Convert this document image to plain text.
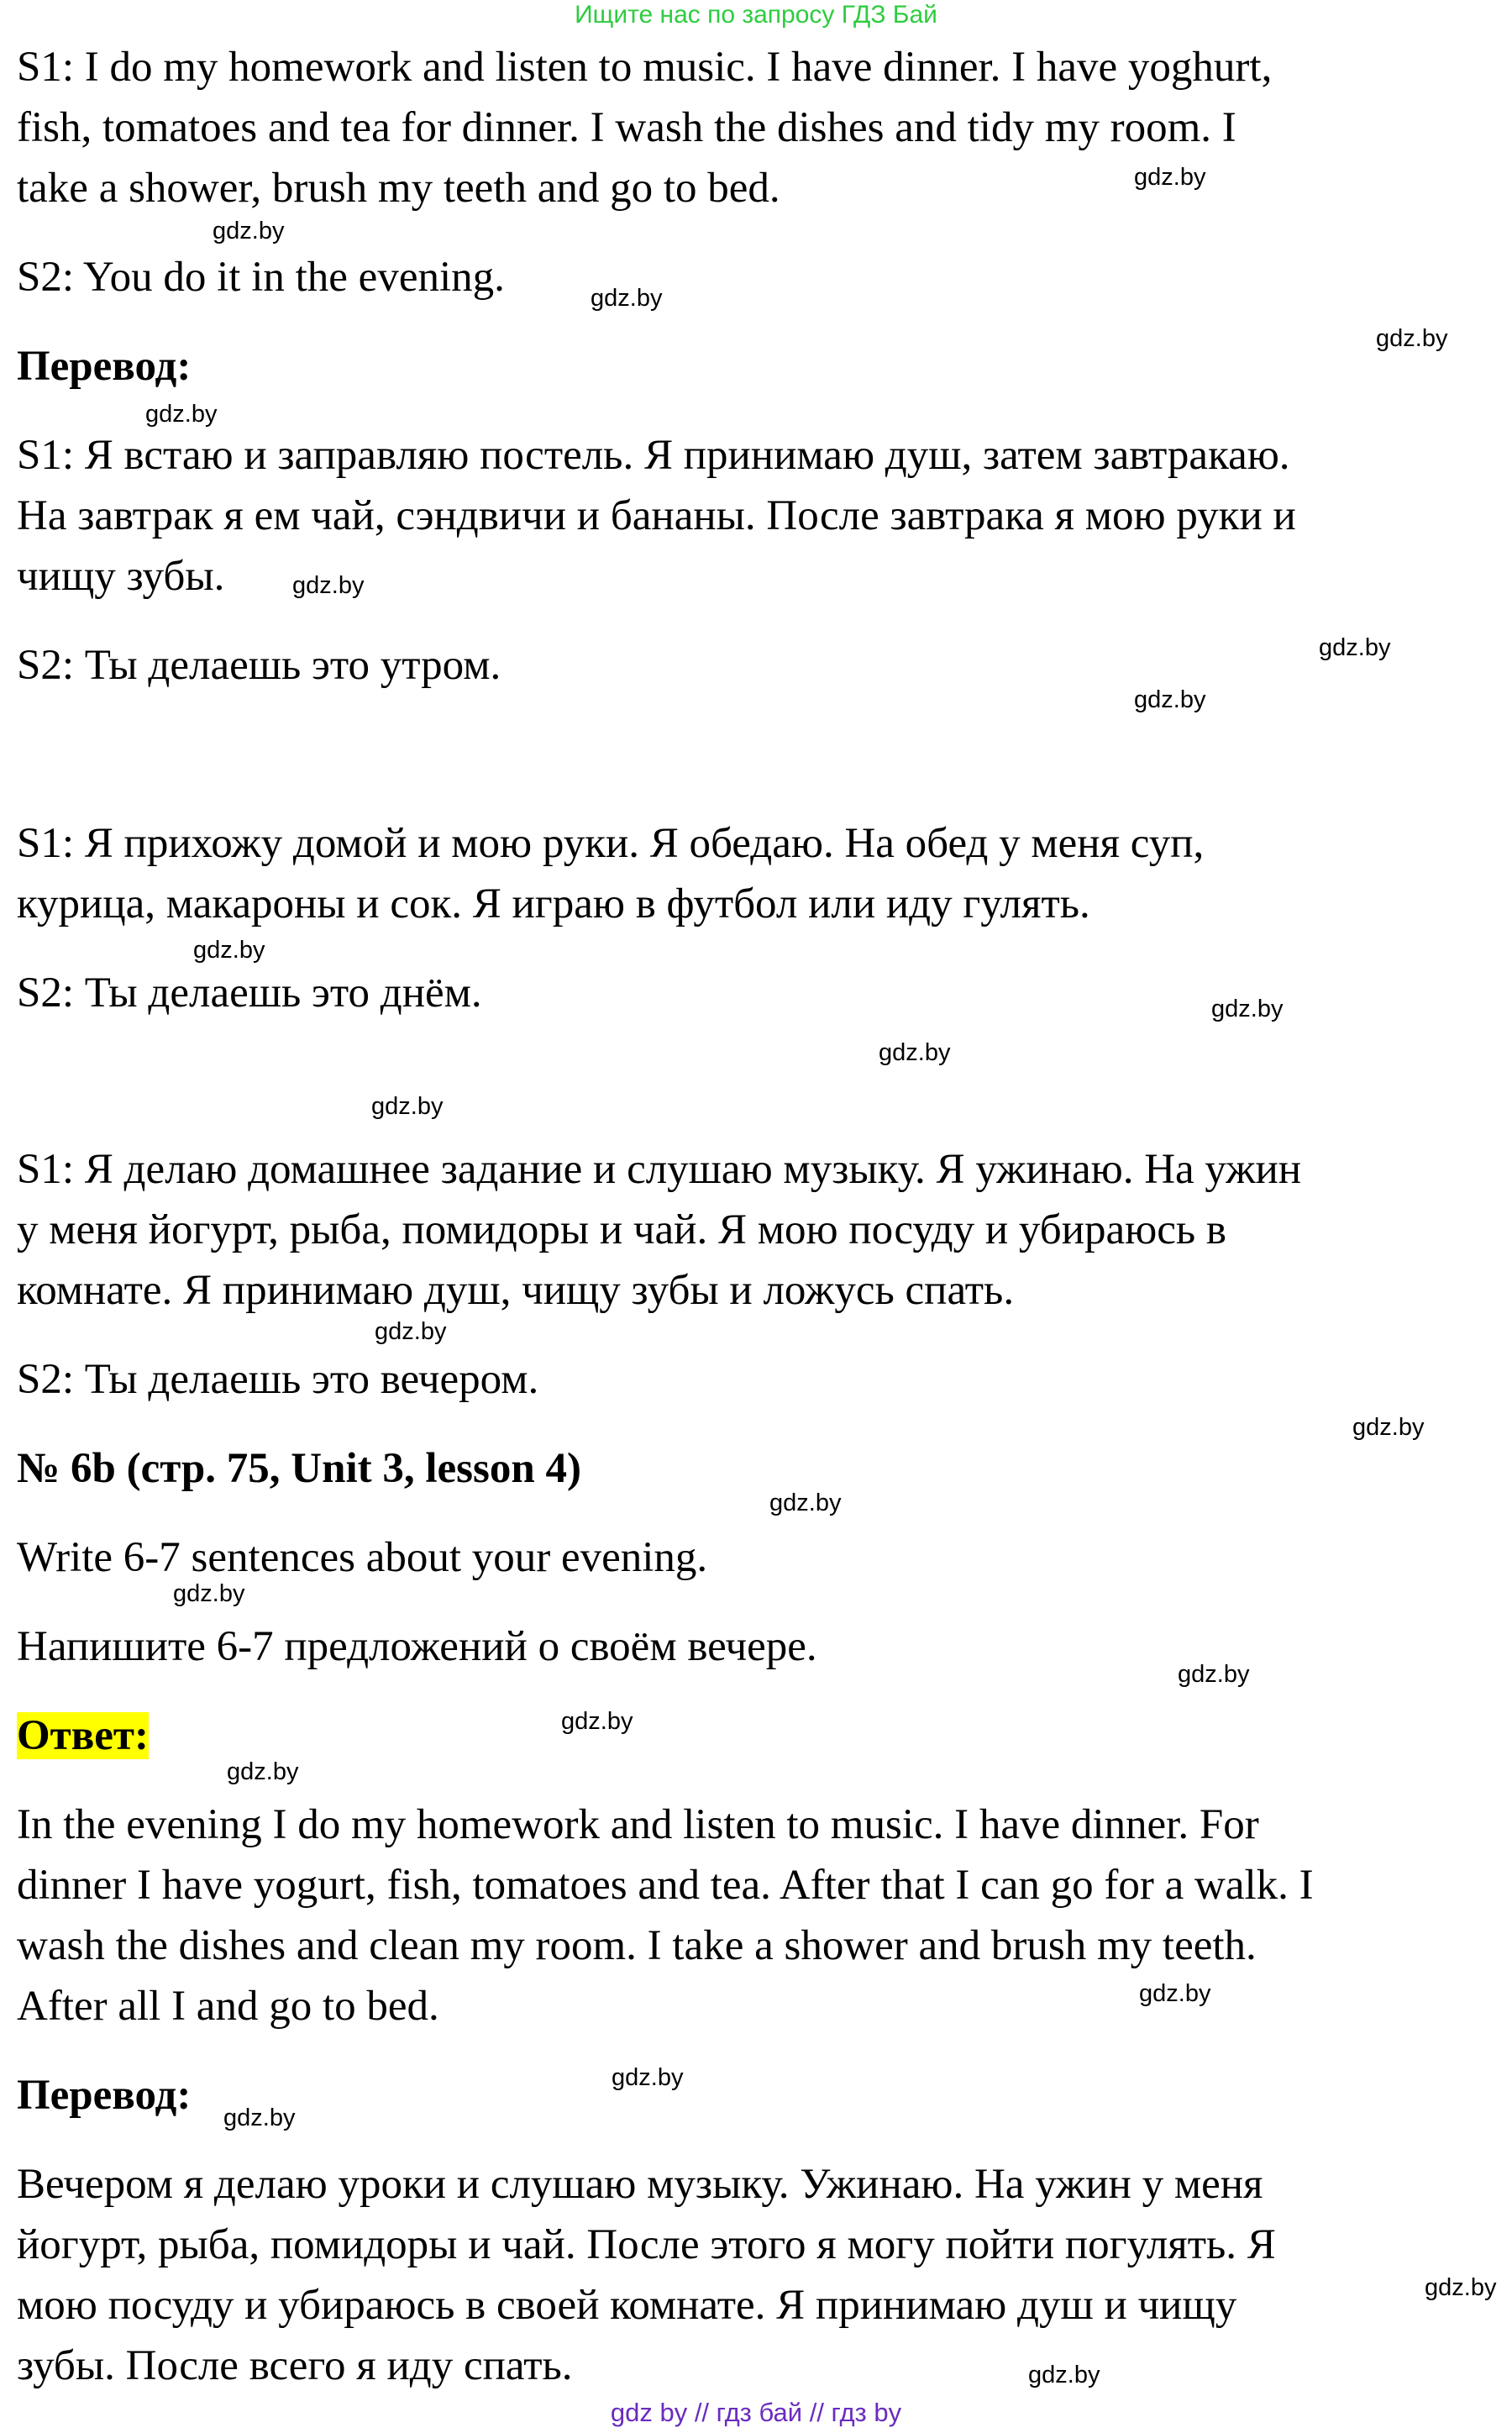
Ищите нас по запросу ГДЗ Бай

S1: I do my homework and listen to music. I have dinner. I have yoghurt,

fish, tomatoes and tea for dinner. I wash the dishes and tidy my room. I

take a shower, brush my teeth and go to bed.

S2: You do it in the evening.

Перевод:

S1: Я встаю и заправляю постель. Я принимаю душ, затем завтракаю.

На завтрак я ем чай, сэндвичи и бананы. После завтрака я мою руки и

чищу зубы.

S2: Ты делаешь это утром.

S1: Я прихожу домой и мою руки. Я обедаю. На обед у меня суп,

курица, макароны и сок. Я играю в футбол или иду гулять.

S2: Ты делаешь это днём.

S1: Я делаю домашнее задание и слушаю музыку. Я ужинаю. На ужин

у меня йогурт, рыба, помидоры и чай. Я мою посуду и убираюсь в

комнате. Я принимаю душ, чищу зубы и ложусь спать.

S2: Ты делаешь это вечером.

№ 6b (стр. 75, Unit 3, lesson 4)

Write 6-7 sentences about your evening.

Напишите 6-7 предложений о своём вечере.

Ответ:

In the evening I do my homework and listen to music. I have dinner. For

dinner I have yogurt, fish, tomatoes and tea. After that I can go for a walk. I

wash the dishes and clean my room. I take a shower and brush my teeth.

After all I and go to bed.

Перевод:

Вечером я делаю уроки и слушаю музыку. Ужинаю. На ужин у меня

йогурт, рыба, помидоры и чай. После этого я могу пойти погулять. Я

мою посуду и убираюсь в своей комнате. Я принимаю душ и чищу

зубы. После всего я иду спать.

gdz.by
gdz.by
gdz.by
gdz.by
gdz.by
gdz.by
gdz.by
gdz.by
gdz.by
gdz.by
gdz.by
gdz.by
gdz.by
gdz.by
gdz.by
gdz.by
gdz.by
gdz.by
gdz.by
gdz.by
gdz.by
gdz.by
gdz.by
gdz.by
gdz by // гдз бай // гдз by
